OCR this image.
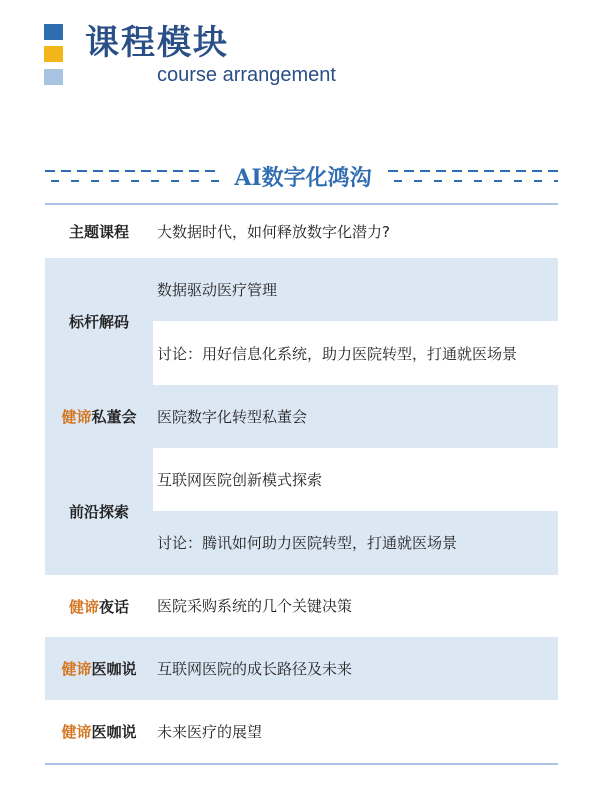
课程模块
course arrangement
AI数字化鸿沟
主题课程	大数据时代，如何释放数字化潜力?
标杆解码
数据驱动医疗管理
讨论：用好信息化系统，助力医院转型，打通就医场景
健谛 私董会 医院数字化转型私董会
前沿探索
互联网医院创新模式探索
讨论：腾讯如何助力医院转型，打通就医场景
健谛 夜话 医院采购系统的几个关键决策
健谛 医咖说 互联网医院的成长路径及未来
健谛 医咖说 未来医疗的展望
